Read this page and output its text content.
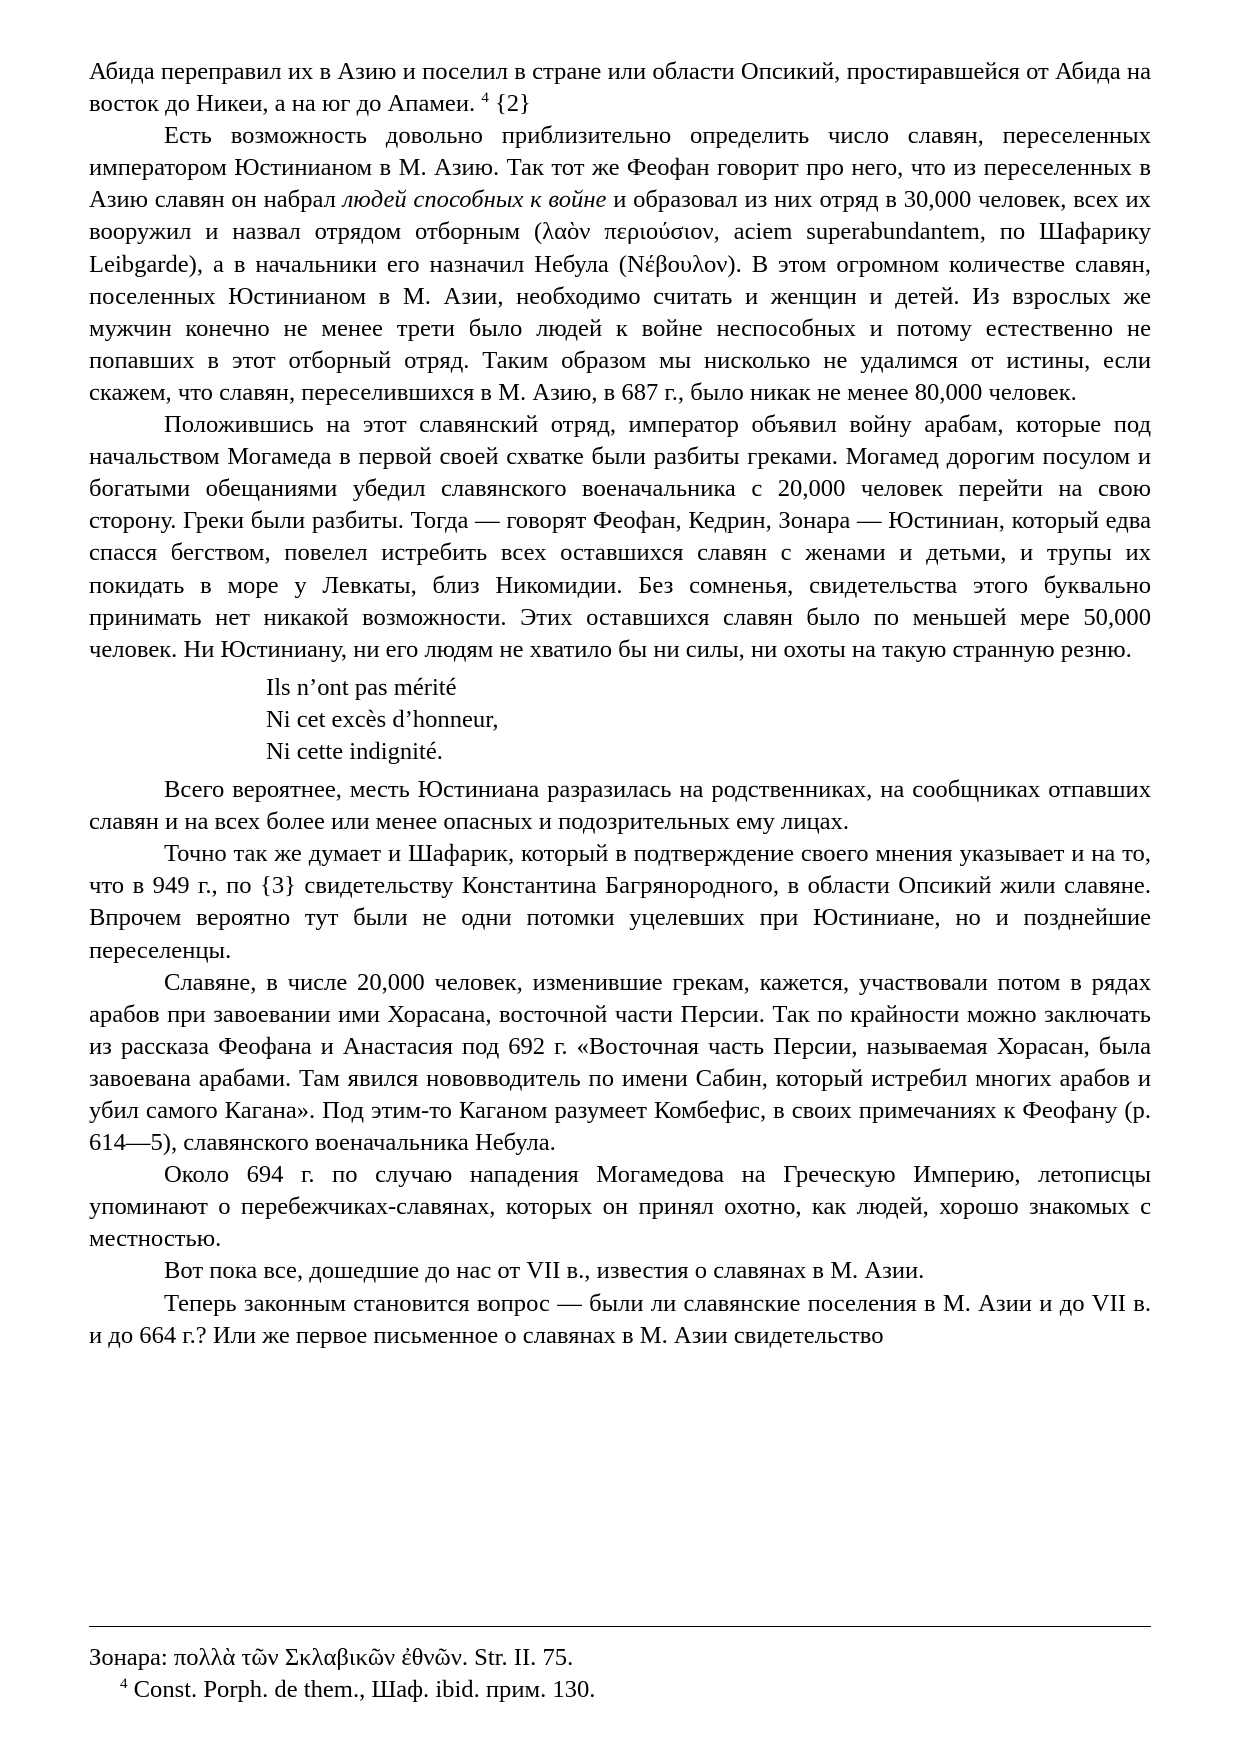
Абида переправил их в Азию и поселил в стране или области Опсикий, простиравшейся от Абида на восток до Никеи, а на юг до Апамеи. $^4$ {2}

Есть возможность довольно приблизительно определить число славян, переселенных императором Юстинианом в М. Азию. Так тот же Феофан говорит про него, что из переселенных в Азию славян он набрал людей способных к войне и образовал из них отряд в 30,000 человек, всех их вооружил и назвал отрядом отборным (λαὸν περιούσιον, aciem superabundantem, по Шафарику Leibgarde), а в начальники его назначил Небула (Νέβουλον). В этом огромном количестве славян, поселенных Юстинианом в М. Азии, необходимо считать и женщин и детей. Из взрослых же мужчин конечно не менее трети было людей к войне неспособных и потому естественно не попавших в этот отборный отряд. Таким образом мы нисколько не удалимся от истины, если скажем, что славян, переселившихся в М. Азию, в 687 г., было никак не менее 80,000 человек.

Положившись на этот славянский отряд, император объявил войну арабам, которые под начальством Могамеда в первой своей схватке были разбиты греками. Могамед дорогим посулом и богатыми обещаниями убедил славянского военачальника с 20,000 человек перейти на свою сторону. Греки были разбиты. Тогда — говорят Феофан, Кедрин, Зонара — Юстиниан, который едва спасся бегством, повелел истребить всех оставшихся славян с женами и детьми, и трупы их покидать в море у Левкаты, близ Никомидии. Без сомненья, свидетельства этого буквально принимать нет никакой возможности. Этих оставшихся славян было по меньшей мере 50,000 человек. Ни Юстиниану, ни его людям не хватило бы ни силы, ни охоты на такую странную резню.

Ils n’ont pas mérité
Ni cet excès d’honneur,
Ni cette indignité.

Всего вероятнее, месть Юстиниана разразилась на родственниках, на сообщниках отпавших славян и на всех более или менее опасных и подозрительных ему лицах.

Точно так же думает и Шафарик, который в подтверждение своего мнения указывает и на то, что в 949 г., по {3} свидетельству Константина Багрянородного, в области Опсикий жили славяне. Впрочем вероятно тут были не одни потомки уцелевших при Юстиниане, но и позднейшие переселенцы.

Славяне, в числе 20,000 человек, изменившие грекам, кажется, участвовали потом в рядах арабов при завоевании ими Хорасана, восточной части Персии. Так по крайности можно заключать из рассказа Феофана и Анастасия под 692 г. «Восточная часть Персии, называемая Хорасан, была завоевана арабами. Там явился нововводитель по имени Сабин, который истребил многих арабов и убил самого Кагана». Под этим-то Каганом разумеет Комбефис, в своих примечаниях к Феофану (p. 614—5), славянского военачальника Небула.

Около 694 г. по случаю нападения Могамедова на Греческую Империю, летописцы упоминают о перебежчиках-славянах, которых он принял охотно, как людей, хорошо знакомых с местностью.

Вот пока все, дошедшие до нас от VII в., известия о славянах в М. Азии.

Теперь законным становится вопрос — были ли славянские поселения в М. Азии и до VII в. и до 664 г.? Или же первое письменное о славянах в М. Азии свидетельство

Зонара: πολλὰ τῶν Σκλαβικῶν ἐθνῶν. Str. II. 75.

$^4$ Const. Porph. de them., Шаф. ibid. прим. 130.
